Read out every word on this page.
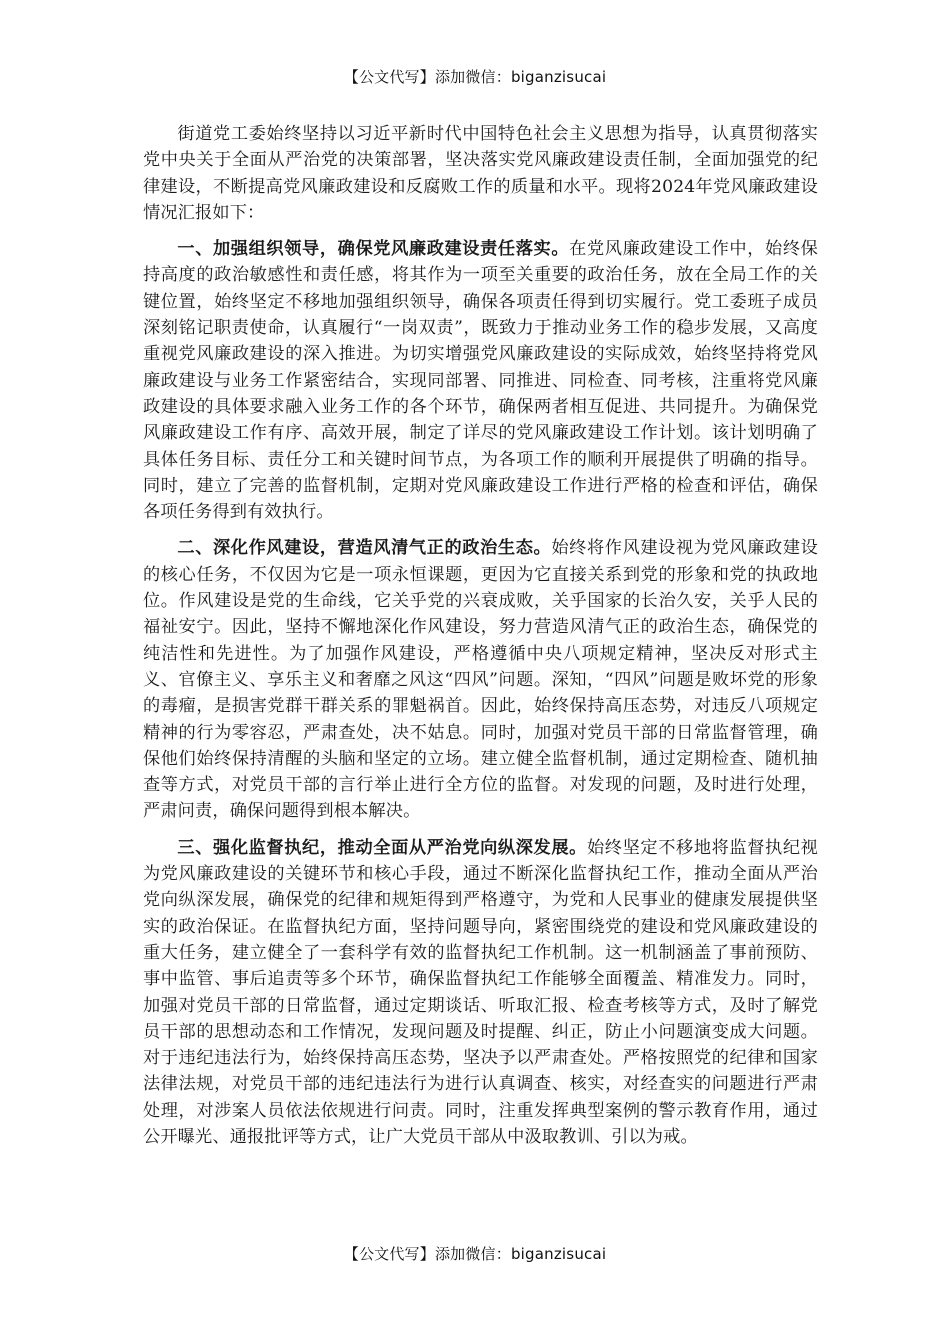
【公文代写】添加微信：biganzisucai

街道党工委始终坚持以习近平新时代中国特色社会主义思想为指导，认真贯彻落实党中央关于全面从严治党的决策部署，坚决落实党风廉政建设责任制，全面加强党的纪律建设，不断提高党风廉政建设和反腐败工作的质量和水平。现将2024年党风廉政建设情况汇报如下：

一、加强组织领导，确保党风廉政建设责任落实。在党风廉政建设工作中，始终保持高度的政治敏感性和责任感，将其作为一项至关重要的政治任务，放在全局工作的关键位置，始终坚定不移地加强组织领导，确保各项责任得到切实履行。党工委班子成员深刻铭记职责使命，认真履行“一岗双责”，既致力于推动业务工作的稳步发展，又高度重视党风廉政建设的深入推进。为切实增强党风廉政建设的实际成效，始终坚持将党风廉政建设与业务工作紧密结合，实现同部署、同推进、同检查、同考核，注重将党风廉政建设的具体要求融入业务工作的各个环节，确保两者相互促进、共同提升。为确保党风廉政建设工作有序、高效开展，制定了详尽的党风廉政建设工作计划。该计划明确了具体任务目标、责任分工和关键时间节点，为各项工作的顺利开展提供了明确的指导。同时，建立了完善的监督机制，定期对党风廉政建设工作进行严格的检查和评估，确保各项任务得到有效执行。

二、深化作风建设，营造风清气正的政治生态。始终将作风建设视为党风廉政建设的核心任务，不仅因为它是一项永恒课题，更因为它直接关系到党的形象和党的执政地位。作风建设是党的生命线，它关乎党的兴衰成败，关乎国家的长治久安，关乎人民的福祉安宁。因此，坚持不懈地深化作风建设，努力营造风清气正的政治生态，确保党的纯洁性和先进性。为了加强作风建设，严格遵循中央八项规定精神，坚决反对形式主义、官僚主义、享乐主义和奢靡之风这“四风”问题。深知，“四风”问题是败坏党的形象的毒瘤，是损害党群干群关系的罪魁祸首。因此，始终保持高压态势，对违反八项规定精神的行为零容忍，严肃查处，决不姑息。同时，加强对党员干部的日常监督管理，确保他们始终保持清醒的头脑和坚定的立场。建立健全监督机制，通过定期检查、随机抽查等方式，对党员干部的言行举止进行全方位的监督。对发现的问题，及时进行处理，严肃问责，确保问题得到根本解决。

三、强化监督执纪，推动全面从严治党向纵深发展。始终坚定不移地将监督执纪视为党风廉政建设的关键环节和核心手段，通过不断深化监督执纪工作，推动全面从严治党向纵深发展，确保党的纪律和规矩得到严格遵守，为党和人民事业的健康发展提供坚实的政治保证。在监督执纪方面，坚持问题导向，紧密围绕党的建设和党风廉政建设的重大任务，建立健全了一套科学有效的监督执纪工作机制。这一机制涵盖了事前预防、事中监管、事后追责等多个环节，确保监督执纪工作能够全面覆盖、精准发力。同时，加强对党员干部的日常监督，通过定期谈话、听取汇报、检查考核等方式，及时了解党员干部的思想动态和工作情况，发现问题及时提醒、纠正，防止小问题演变成大问题。对于违纪违法行为，始终保持高压态势，坚决予以严肃查处。严格按照党的纪律和国家法律法规，对党员干部的违纪违法行为进行认真调查、核实，对经查实的问题进行严肃处理，对涉案人员依法依规进行问责。同时，注重发挥典型案例的警示教育作用，通过公开曝光、通报批评等方式，让广大党员干部从中汲取教训、引以为戒。

【公文代写】添加微信：biganzisucai
